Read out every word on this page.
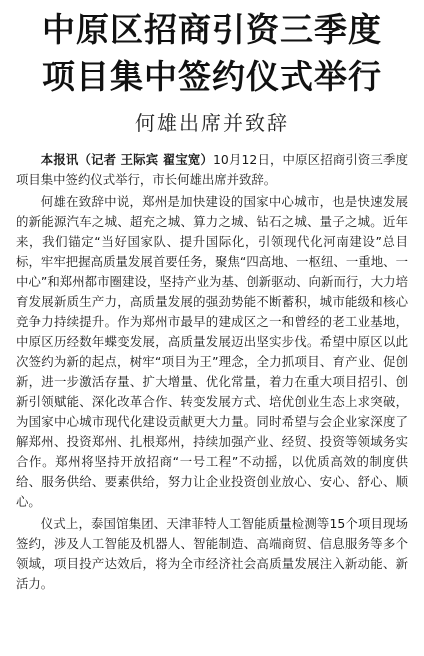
中原区招商引资三季度
项目集中签约仪式举行
何雄出席并致辞

本报讯（记者 王际宾 翟宝宽）10月12日，中原区招商引资三季度项目集中签约仪式举行，市长何雄出席并致辞。

何雄在致辞中说，郑州是加快建设的国家中心城市，也是快速发展的新能源汽车之城、超充之城、算力之城、钻石之城、量子之城。近年来，我们锚定“当好国家队、提升国际化，引领现代化河南建设”总目标，牢牢把握高质量发展首要任务，聚焦“四高地、一枢纽、一重地、一中心”和郑州都市圈建设，坚持产业为基、创新驱动、向新而行，大力培育发展新质生产力，高质量发展的强劲势能不断蓄积，城市能级和核心竞争力持续提升。作为郑州市最早的建成区之一和曾经的老工业基地，中原区历经数年蝶变发展，高质量发展迈出坚实步伐。希望中原区以此次签约为新的起点，树牢“项目为王”理念，全力抓项目、育产业、促创新，进一步激活存量、扩大增量、优化常量，着力在重大项目招引、创新引领赋能、深化改革合作、转变发展方式、培优创业生态上求突破，为国家中心城市现代化建设贡献更大力量。同时希望与会企业家深度了解郑州、投资郑州、扎根郑州，持续加强产业、经贸、投资等领域务实合作。郑州将坚持开放招商“一号工程”不动摇，以优质高效的制度供给、服务供给、要素供给，努力让企业投资创业放心、安心、舒心、顺心。

仪式上，泰国馆集团、天津菲特人工智能质量检测等15个项目现场签约，涉及人工智能及机器人、智能制造、高端商贸、信息服务等多个领域，项目投产达效后，将为全市经济社会高质量发展注入新动能、新活力。
